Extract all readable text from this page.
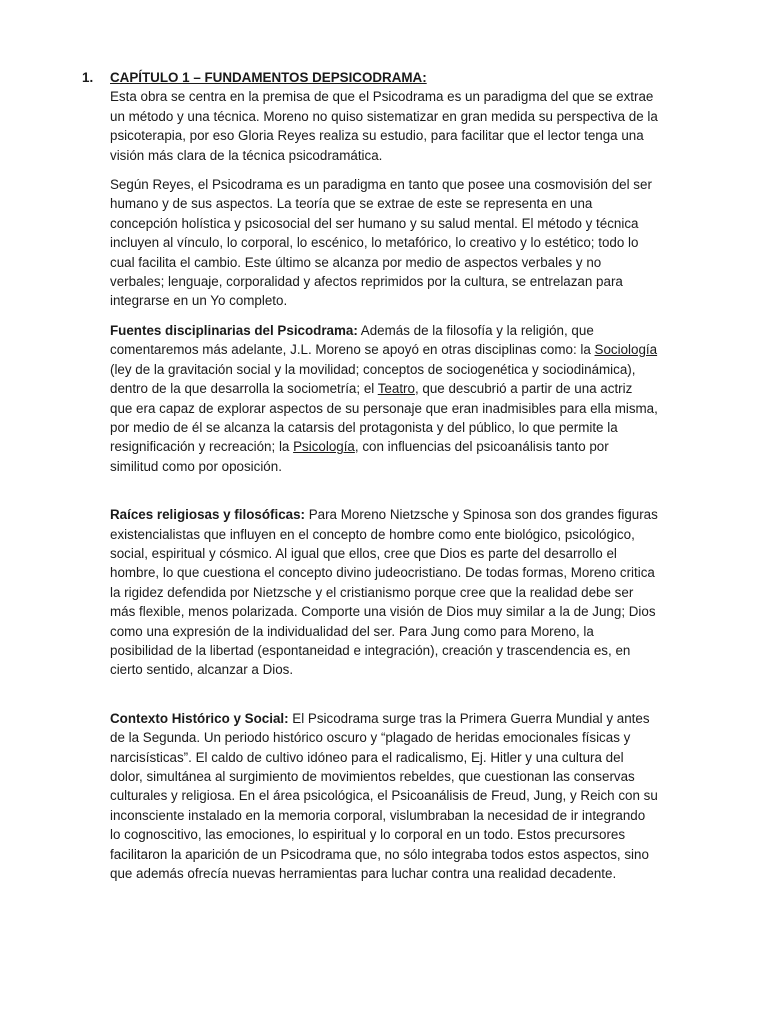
1. CAPÍTULO 1 – FUNDAMENTOS DEPSICODRAMA:

Esta obra se centra en la premisa de que el Psicodrama es un paradigma del que se extrae un método y una técnica. Moreno no quiso sistematizar en gran medida su perspectiva de la psicoterapia, por eso Gloria Reyes realiza su estudio, para facilitar que el lector tenga una visión más clara de la técnica psicodramática.

Según Reyes, el Psicodrama es un paradigma en tanto que posee una cosmovisión del ser humano y de sus aspectos. La teoría que se extrae de este se representa en una concepción holística y psicosocial del ser humano y su salud mental. El método y técnica incluyen al vínculo, lo corporal, lo escénico, lo metafórico, lo creativo y lo estético; todo lo cual facilita el cambio. Este último se alcanza por medio de aspectos verbales y no verbales; lenguaje, corporalidad y afectos reprimidos por la cultura, se entrelazan para integrarse en un Yo completo.

Fuentes disciplinarias del Psicodrama: Además de la filosofía y la religión, que comentaremos más adelante, J.L. Moreno se apoyó en otras disciplinas como: la Sociología (ley de la gravitación social y la movilidad; conceptos de sociogenética y sociodinámica), dentro de la que desarrolla la sociometría; el Teatro, que descubrió a partir de una actriz que era capaz de explorar aspectos de su personaje que eran inadmisibles para ella misma, por medio de él se alcanza la catarsis del protagonista y del público, lo que permite la resignificación y recreación; la Psicología, con influencias del psicoanálisis tanto por similitud como por oposición.

Raíces religiosas y filosóficas: Para Moreno Nietzsche y Spinosa son dos grandes figuras existencialistas que influyen en el concepto de hombre como ente biológico, psicológico, social, espiritual y cósmico. Al igual que ellos, cree que Dios es parte del desarrollo el hombre, lo que cuestiona el concepto divino judeocristiano. De todas formas, Moreno critica la rigidez defendida por Nietzsche y el cristianismo porque cree que la realidad debe ser más flexible, menos polarizada. Comporte una visión de Dios muy similar a la de Jung; Dios como una expresión de la individualidad del ser. Para Jung como para Moreno, la posibilidad de la libertad (espontaneidad e integración), creación y trascendencia es, en cierto sentido, alcanzar a Dios.

Contexto Histórico y Social: El Psicodrama surge tras la Primera Guerra Mundial y antes de la Segunda. Un periodo histórico oscuro y “plagado de heridas emocionales físicas y narcisísticas”. El caldo de cultivo idóneo para el radicalismo, Ej. Hitler y una cultura del dolor, simultánea al surgimiento de movimientos rebeldes, que cuestionan las conservas culturales y religiosa. En el área psicológica, el Psicoanálisis de Freud, Jung, y Reich con su inconsciente instalado en la memoria corporal, vislumbraban la necesidad de ir integrando lo cognoscitivo, las emociones, lo espiritual y lo corporal en un todo. Estos precursores facilitaron la aparición de un Psicodrama que, no sólo integraba todos estos aspectos, sino que además ofrecía nuevas herramientas para luchar contra una realidad decadente.
